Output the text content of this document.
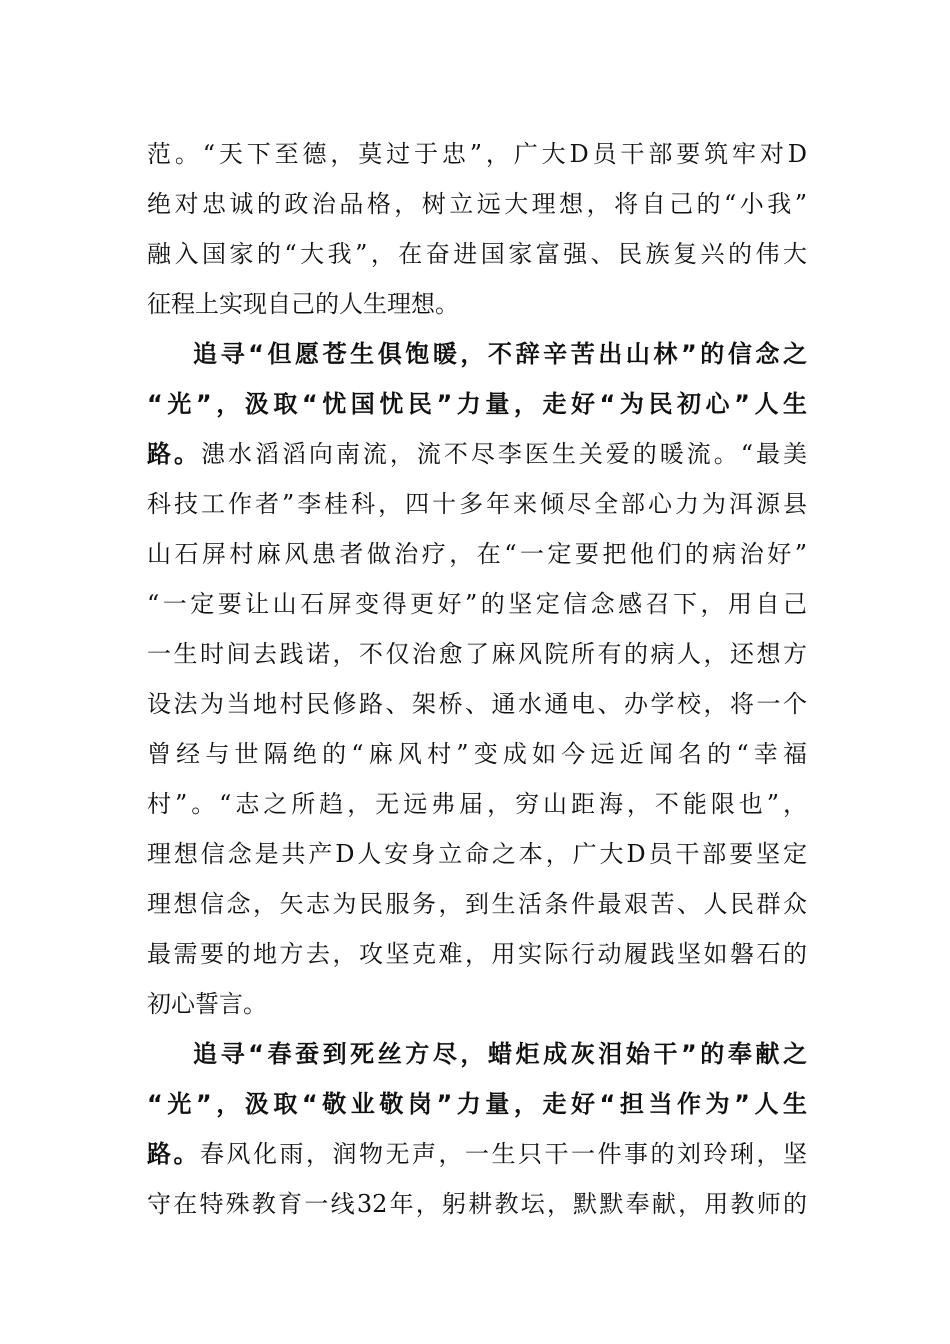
范。“天下至德，莫过于忠”，广大D员干部要筑牢对D
绝对忠诚的政治品格，树立远大理想，将自己的“小我”
融入国家的“大我”，在奋进国家富强、民族复兴的伟大
征程上实现自己的人生理想。
追寻“但愿苍生俱饱暖，不辞辛苦出山林”的信念之
“光”，汲取“忧国忧民”力量，走好“为民初心”人生
路。漶水滔滔向南流，流不尽李医生关爱的暖流。“最美
科技工作者”李桂科，四十多年来倾尽全部心力为洱源县
山石屏村麻风患者做治疗，在“一定要把他们的病治好”
“一定要让山石屏变得更好”的坚定信念感召下，用自己
一生时间去践诺，不仅治愈了麻风院所有的病人，还想方
设法为当地村民修路、架桥、通水通电、办学校，将一个
曾经与世隔绝的“麻风村”变成如今远近闻名的“幸福
村”。“志之所趋，无远弗届，穷山距海，不能限也”，
理想信念是共产D人安身立命之本，广大D员干部要坚定
理想信念，矢志为民服务，到生活条件最艰苦、人民群众
最需要的地方去，攻坚克难，用实际行动履践坚如磐石的
初心誓言。
追寻“春蚕到死丝方尽，蜡炬成灰泪始干”的奉献之
“光”，汲取“敬业敬岗”力量，走好“担当作为”人生
路。春风化雨，润物无声，一生只干一件事的刘玲琍，坚
守在特殊教育一线32年，躬耕教坛，默默奉献，用教师的
